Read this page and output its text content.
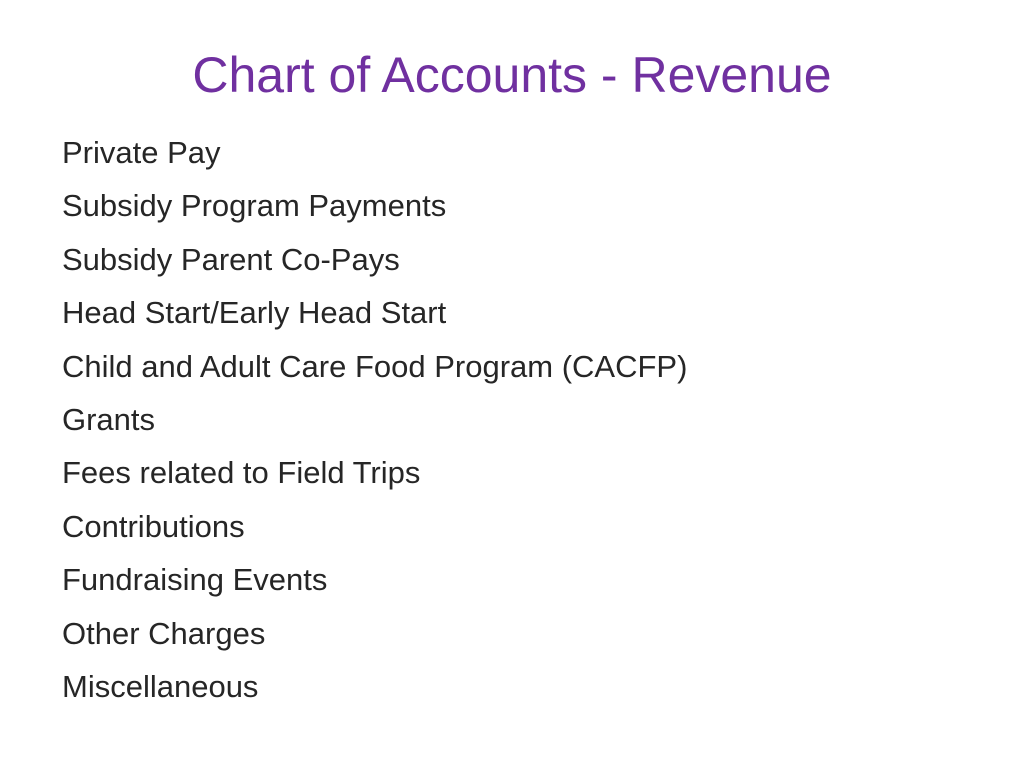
Chart of Accounts - Revenue
Private Pay
Subsidy Program Payments
Subsidy Parent Co-Pays
Head Start/Early Head Start
Child and Adult Care Food Program (CACFP)
Grants
Fees related to Field Trips
Contributions
Fundraising Events
Other Charges
Miscellaneous
